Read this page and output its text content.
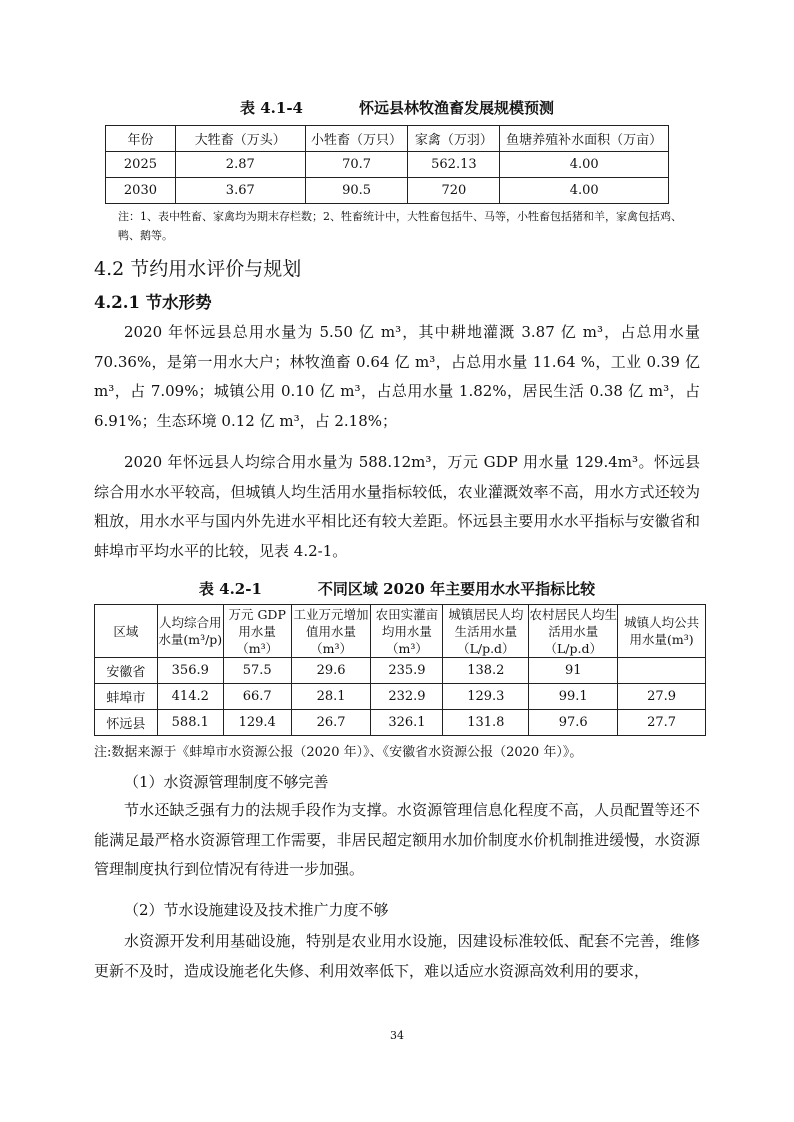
表 4.1-4	怀远县林牧渔畜发展规模预测
年份	大牲畜（万头）	小牲畜（万只）	家禽（万羽）	鱼塘养殖补水面积（万亩）
2025	2.87	70.7	562.13	4.00
2030	3.67	90.5	720	4.00
注：1、表中牲畜、家禽均为期末存栏数；2、牲畜统计中，大牲畜包括牛、马等，小牲畜包括猪和羊，家禽包括鸡、鸭、鹅等。
4.2 节约用水评价与规划
4.2.1 节水形势
2020 年怀远县总用水量为 5.50 亿 m³，其中耕地灌溉 3.87 亿 m³，占总用水量 70.36%，是第一用水大户；林牧渔畜 0.64 亿 m³，占总用水量 11.64 %，工业 0.39 亿 m³，占 7.09%；城镇公用 0.10 亿 m³，占总用水量 1.82%，居民生活 0.38 亿 m³，占 6.91%；生态环境 0.12 亿 m³，占 2.18%；
2020 年怀远县人均综合用水量为 588.12m³，万元 GDP 用水量 129.4m³。怀远县综合用水水平较高，但城镇人均生活用水量指标较低，农业灌溉效率不高，用水方式还较为粗放，用水水平与国内外先进水平相比还有较大差距。怀远县主要用水水平指标与安徽省和蚌埠市平均水平的比较，见表 4.2-1。
表 4.2-1	不同区域 2020 年主要用水水平指标比较
区域	人均综合用水量(m³/p)	万元 GDP 用水量（m³）	工业万元增加值用水量（m³）	农田实灌亩均用水量（m³）	城镇居民人均生活用水量（L/p.d）	农村居民人均生活用水量（L/p.d）	城镇人均公共用水量(m³)
安徽省	356.9	57.5	29.6	235.9	138.2	91	
蚌埠市	414.2	66.7	28.1	232.9	129.3	99.1	27.9
怀远县	588.1	129.4	26.7	326.1	131.8	97.6	27.7
注:数据来源于《蚌埠市水资源公报（2020 年）》、《安徽省水资源公报（2020 年）》。
（1）水资源管理制度不够完善
节水还缺乏强有力的法规手段作为支撑。水资源管理信息化程度不高，人员配置等还不能满足最严格水资源管理工作需要，非居民超定额用水加价制度水价机制推进缓慢，水资源管理制度执行到位情况有待进一步加强。
（2）节水设施建设及技术推广力度不够
水资源开发利用基础设施，特别是农业用水设施，因建设标准较低、配套不完善，维修更新不及时，造成设施老化失修、利用效率低下，难以适应水资源高效利用的要求，
34
